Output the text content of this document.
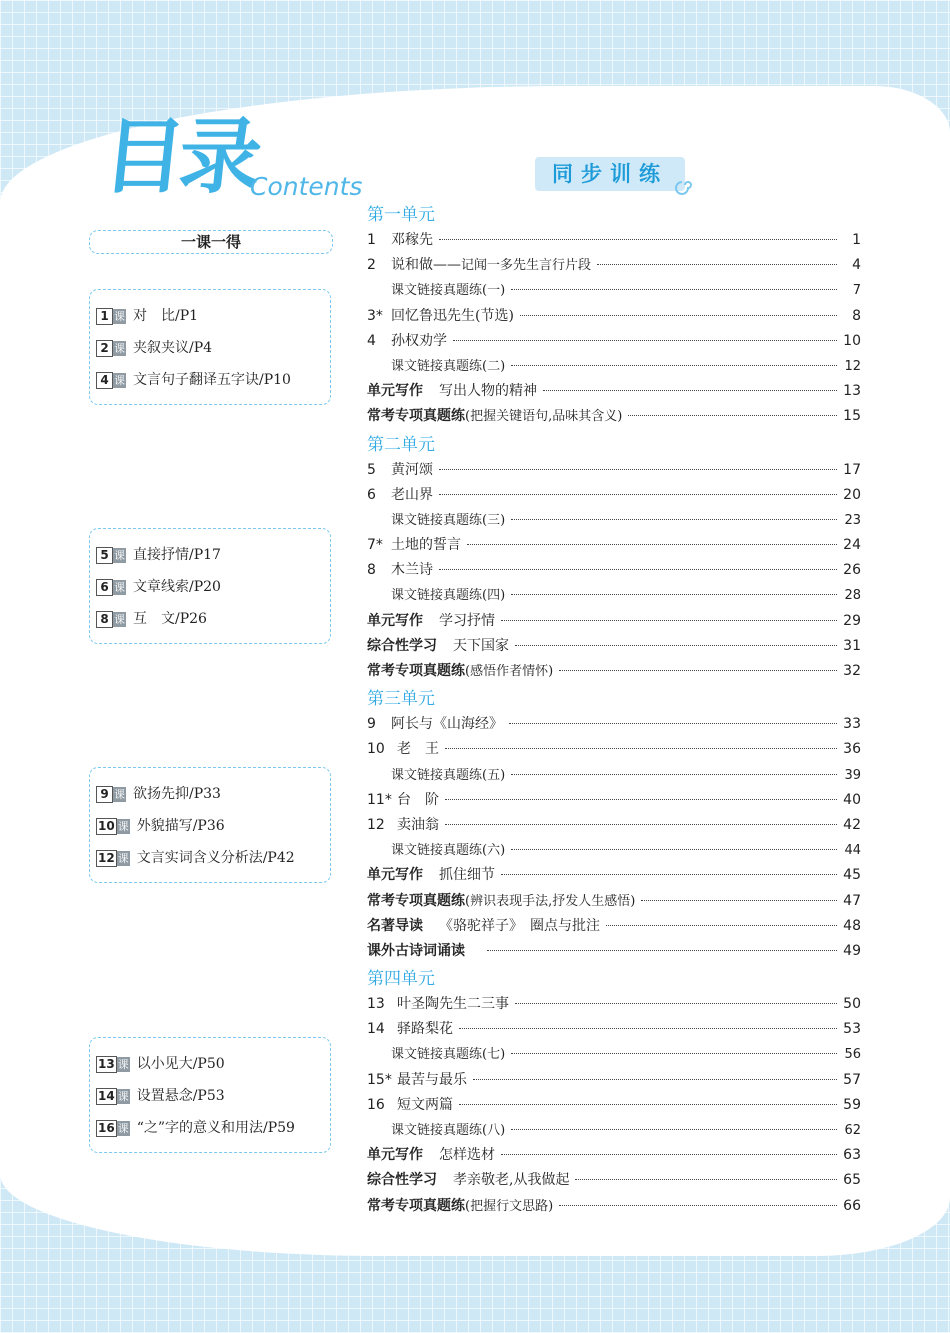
目录
Contents	同步训练
一课一得
1 课 对　比/P1
2 课 夹叙夹议/P4
4 课 文言句子翻译五字诀/P10
5 课 直接抒情/P17
6 课 文章线索/P20
8 课 互　文/P26
9 课 欲扬先抑/P33
10 课 外貌描写/P36
12 课 文言实词含义分析法/P42
13 课 以小见大/P50
14 课 设置悬念/P53
16 课 “之”字的意义和用法/P59
第一单元
1	邓稼先	1
2	说和做—— 记闻一多先生言行片段	4
课文链接真题练(一)	7
3* 回忆鲁迅先生(节选)	8
4	孙权劝学	10
课文链接真题练(二)	12
单元写作 写出人物的精神	13
常考专项真题练 (把握关键语句,品味其含义)	15
第二单元
5	黄河颂	17
6	老山界	20
课文链接真题练(三)	23
7* 土地的誓言	24
8	木兰诗	26
课文链接真题练(四)	28
单元写作 学习抒情	29
综合性学习 天下国家	31
常考专项真题练 (感悟作者情怀)	32
第三单元
9	阿长与《山海经》	33
10 老　王	36
课文链接真题练(五)	39
11* 台　阶	40
12 卖油翁	42
课文链接真题练(六)	44
单元写作 抓住细节	45
常考专项真题练 (辨识表现手法,抒发人生感悟)	47
名著导读 《骆驼祥子》　圈点与批注	48
课外古诗词诵读	49
第四单元
13 叶圣陶先生二三事	50
14 驿路梨花	53
课文链接真题练(七)	56
15* 最苦与最乐	57
16 短文两篇	59
课文链接真题练(八)	62
单元写作 怎样选材	63
综合性学习 孝亲敬老,从我做起	65
常考专项真题练 (把握行文思路)	66
